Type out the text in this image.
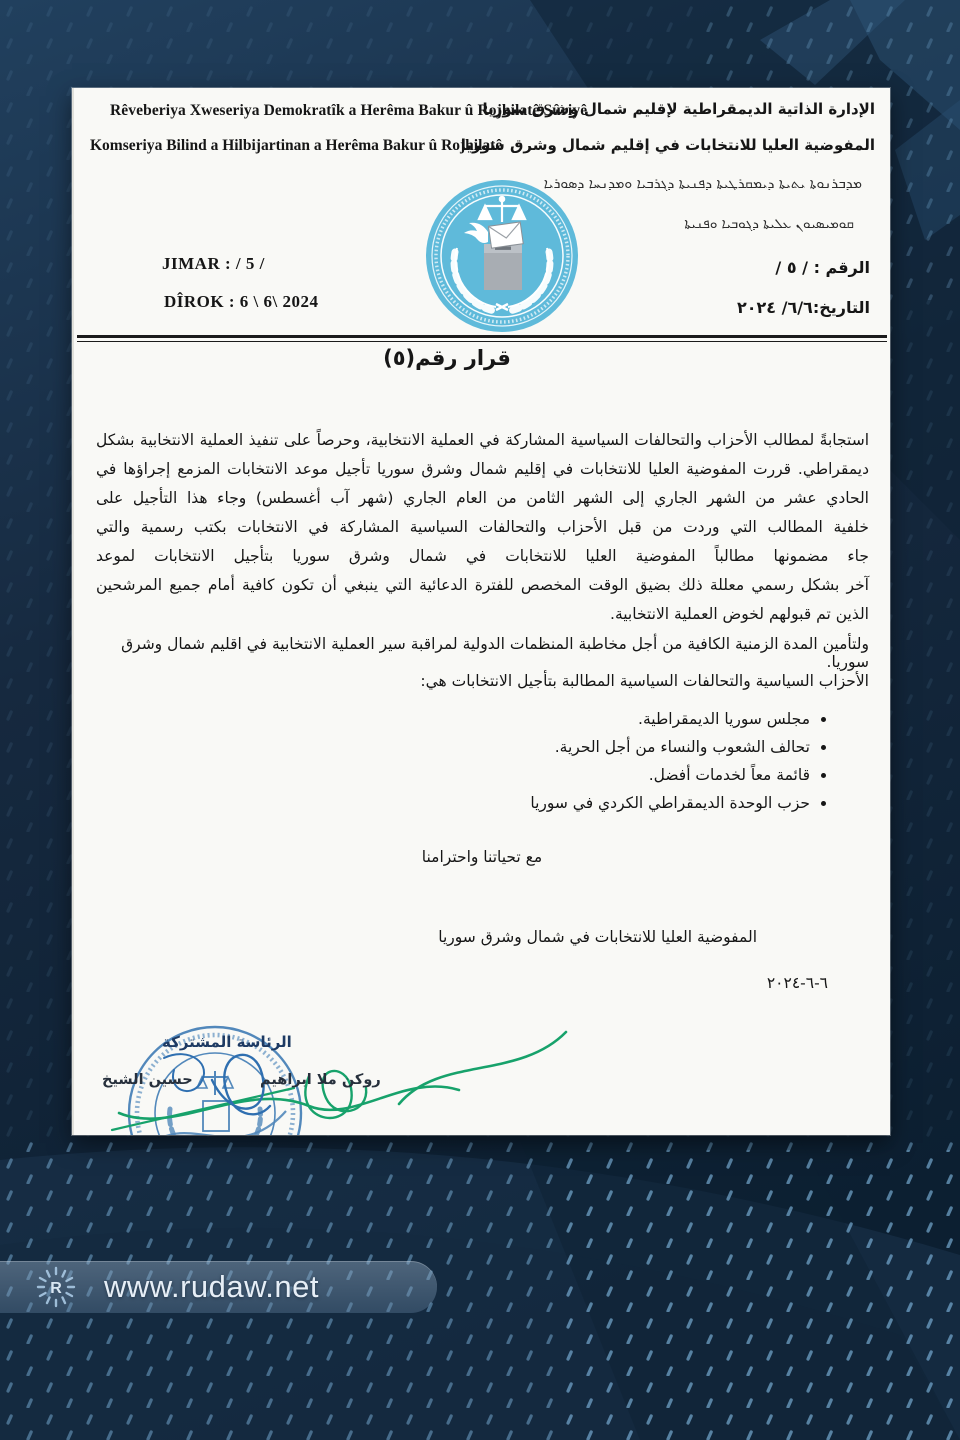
Rêveberiya Xweseriya Demokratîk a Herêma Bakur û Rojhilatê Sûriyê
Komseriya Bilind a Hilbijartinan a Herêma Bakur û Rojhilatê
الإدارة الذاتية الديمقراطية لإقليم شمال وشرق سوريا
المفوضية العليا للانتخابات في إقليم شمال وشرق سوريا
ܡܕܒܪܢܘܬܐ ܝܬܝܬܐ ܕܝܡܩܪܛܝܬܐ ܕܦܢܝܬܐ ܕܓܪܒܝܐ ܘܡܕܢܚܐ ܕܣܘܪܝܐ
ܩܘܡܝܣܝܘܢ ܥܠܝܬܐ ܕܓܘܒܝܐ ܘܦܢܝܬܐ
JIMAR : / 5 /
DÎROK : 6 \ 6\ 2024
الرقم : / ٥ /
التاريخ:٦/٦/ ٢٠٢٤
قرار رقم(٥)
استجابةً لمطالب الأحزاب والتحالفات السياسية المشاركة في العملية الانتخابية، وحرصاً على تنفيذ العملية الانتخابية بشكل
ديمقراطي. قررت المفوضية العليا للانتخابات في إقليم شمال وشرق سوريا تأجيل موعد الانتخابات المزمع إجراؤها في
الحادي عشر من الشهر الجاري إلى الشهر الثامن من العام الجاري (شهر آب أغسطس) وجاء هذا التأجيل على
خلفية المطالب التي وردت من قبل الأحزاب والتحالفات السياسية المشاركة في الانتخابات بكتب رسمية والتي
جاء مضمونها مطالباً المفوضية العليا للانتخابات في شمال وشرق سوريا بتأجيل الانتخابات لموعد
آخر بشكل رسمي معللة ذلك بضيق الوقت المخصص للفترة الدعائية التي ينبغي أن تكون كافية أمام جميع المرشحين
الذين تم قبولهم لخوض العملية الانتخابية.
ولتأمين المدة الزمنية الكافية من أجل مخاطبة المنظمات الدولية لمراقبة سير العملية الانتخابية في اقليم شمال وشرق سوريا.
الأحزاب السياسية والتحالفات السياسية المطالبة بتأجيل الانتخابات هي:
• مجلس سوريا الديمقراطية.
• تحالف الشعوب والنساء من أجل الحرية.
• قائمة معاً لخدمات أفضل.
• حزب الوحدة الديمقراطي الكردي في سوريا
مع تحياتنا واحترامنا
المفوضية العليا للانتخابات في شمال وشرق سوريا
٦-٦-٢٠٢٤
الرئاسة المشتركة
حسين الشيخ	روكن ملا ابراهيم
R www.rudaw.net
